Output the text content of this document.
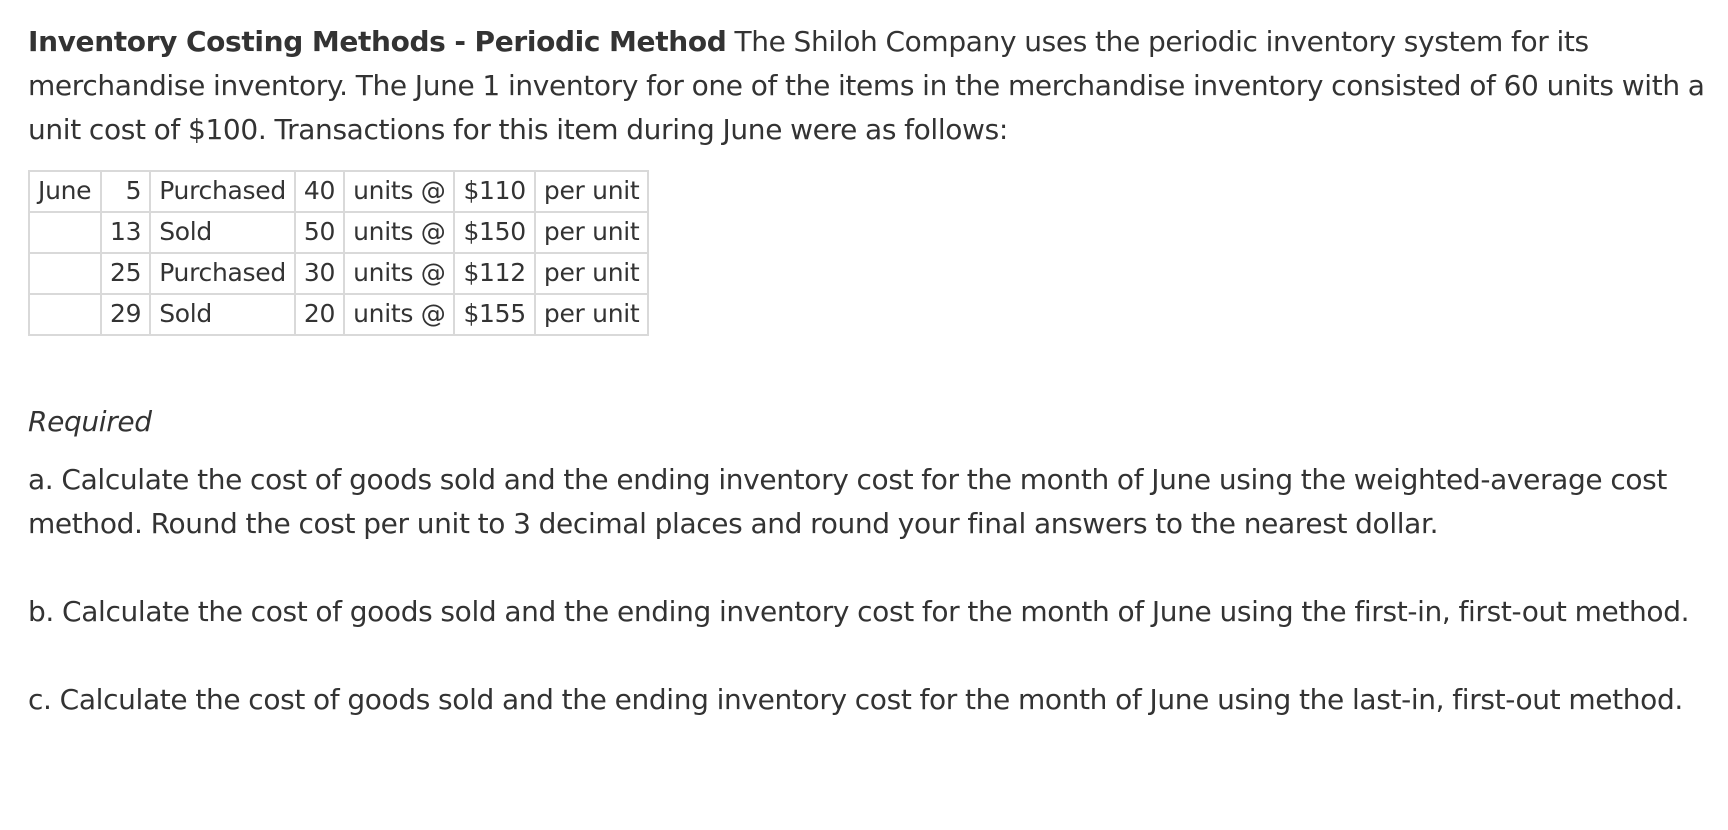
Inventory Costing Methods - Periodic Method The Shiloh Company uses the periodic inventory system for its merchandise inventory. The June 1 inventory for one of the items in the merchandise inventory consisted of 60 units with a unit cost of $100. Transactions for this item during June were as follows:

June	5	Purchased	40	units @	$110	per unit
	13	Sold	50	units @	$150	per unit
	25	Purchased	30	units @	$112	per unit
	29	Sold	20	units @	$155	per unit

Required

a. Calculate the cost of goods sold and the ending inventory cost for the month of June using the weighted-average cost method. Round the cost per unit to 3 decimal places and round your final answers to the nearest dollar.

b. Calculate the cost of goods sold and the ending inventory cost for the month of June using the first-in, first-out method.

c. Calculate the cost of goods sold and the ending inventory cost for the month of June using the last-in, first-out method.
